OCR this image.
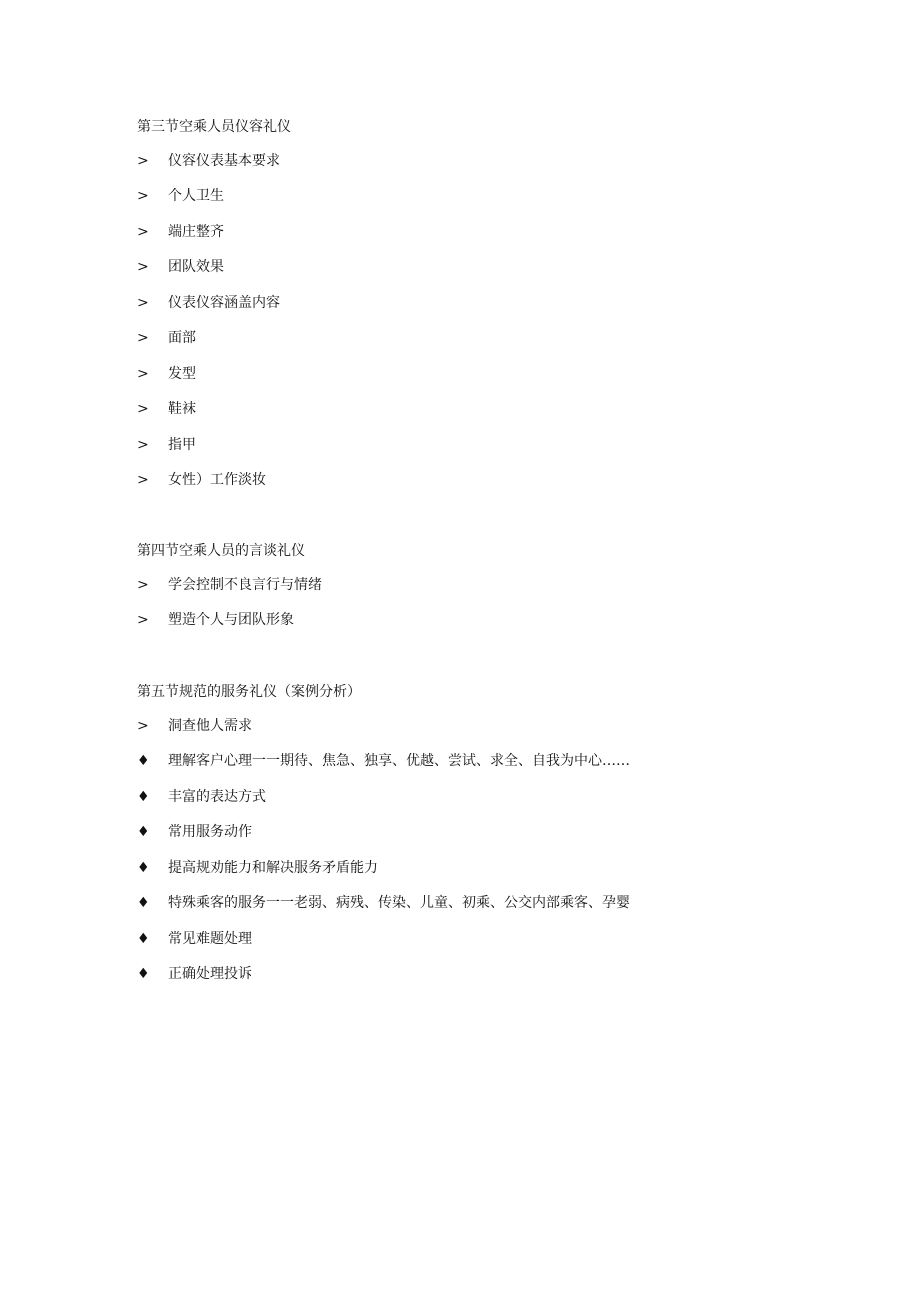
第三节空乘人员仪容礼仪
>	仪容仪表基本要求
>	个人卫生
>	端庄整齐
>	团队效果
>	仪表仪容涵盖内容
>	面部
>	发型
>	鞋袜
>	指甲
>	女性）工作淡妆
第四节空乘人员的言谈礼仪
>	学会控制不良言行与情绪
>	塑造个人与团队形象
第五节规范的服务礼仪（案例分析）
>	洞查他人需求
♦	理解客户心理一一期待、焦急、独享、优越、尝试、求全、自我为中心……
♦	丰富的表达方式
♦	常用服务动作
♦	提高规劝能力和解决服务矛盾能力
♦	特殊乘客的服务一一老弱、病残、传染、儿童、初乘、公交内部乘客、孕婴
♦	常见难题处理
♦	正确处理投诉
